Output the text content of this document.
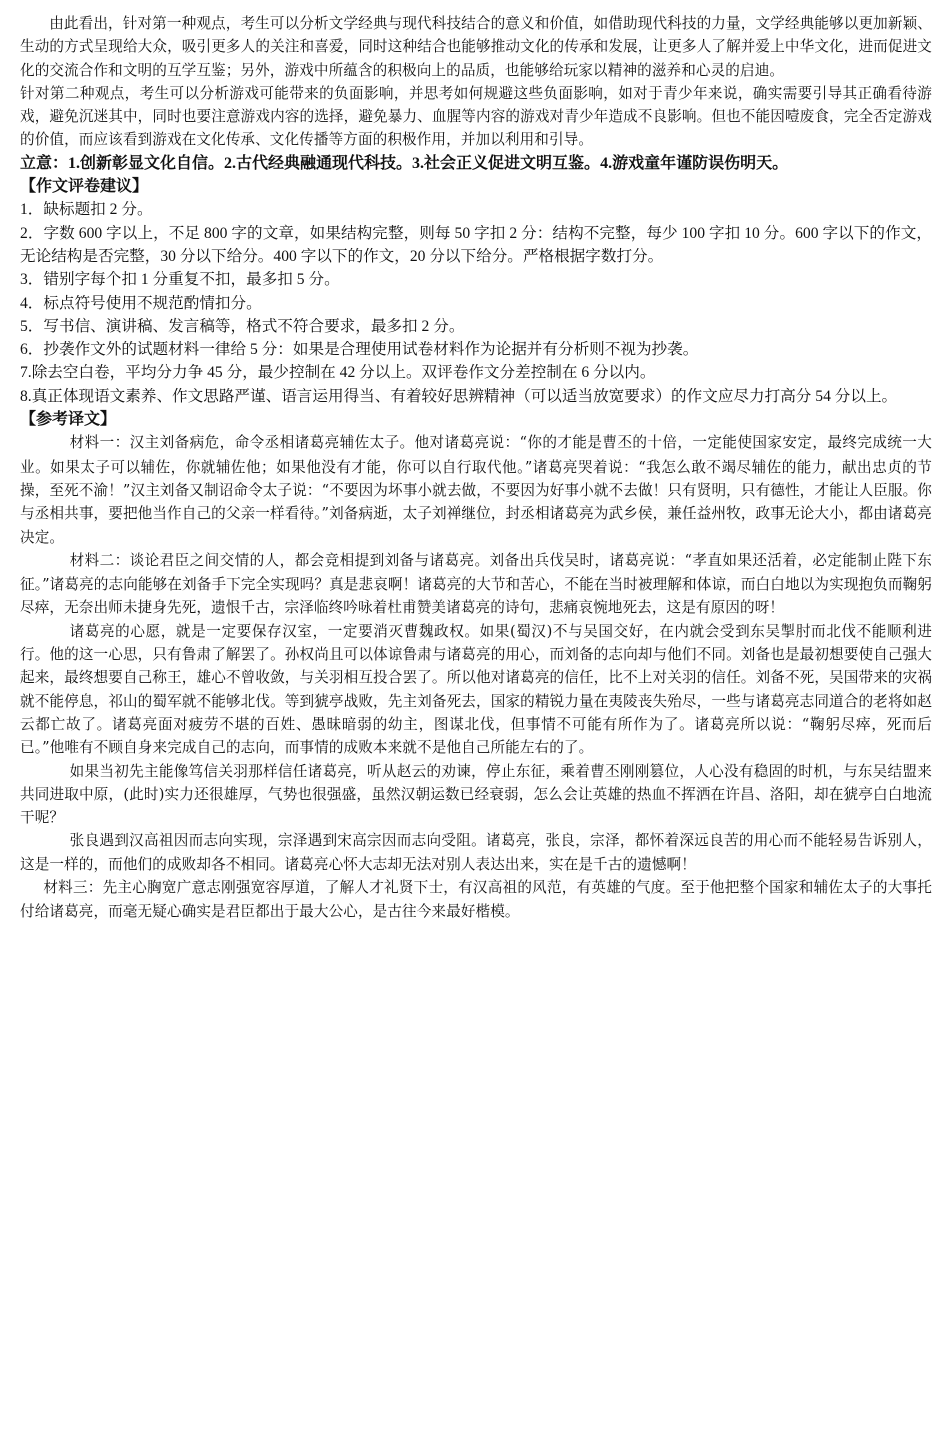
由此看出，针对第一种观点，考生可以分析文学经典与现代科技结合的意义和价值，如借助现代科技的力量，文学经典能够以更加新颖、生动的方式呈现给大众，吸引更多人的关注和喜爱，同时这种结合也能够推动文化的传承和发展，让更多人了解并爱上中华文化，进而促进文化的交流合作和文明的互学互鉴；另外，游戏中所蕴含的积极向上的品质，也能够给玩家以精神的滋养和心灵的启迪。

针对第二种观点，考生可以分析游戏可能带来的负面影响，并思考如何规避这些负面影响，如对于青少年来说，确实需要引导其正确看待游戏，避免沉迷其中，同时也要注意游戏内容的选择，避免暴力、血腥等内容的游戏对青少年造成不良影响。但也不能因噎废食，完全否定游戏的价值，而应该看到游戏在文化传承、文化传播等方面的积极作用，并加以利用和引导。

立意：1.创新彰显文化自信。2.古代经典融通现代科技。3.社会正义促进文明互鉴。4.游戏童年谨防误伤明天。

【作文评卷建议】

1．缺标题扣 2 分。

2．字数 600 字以上，不足 800 字的文章，如果结构完整，则每 50 字扣 2 分：结构不完整，每少 100 字扣 10 分。600 字以下的作文，无论结构是否完整，30 分以下给分。400 字以下的作文，20 分以下给分。严格根据字数打分。

3．错别字每个扣 1 分重复不扣，最多扣 5 分。

4．标点符号使用不规范酌情扣分。

5．写书信、演讲稿、发言稿等，格式不符合要求，最多扣 2 分。

6．抄袭作文外的试题材料一律给 5 分：如果是合理使用试卷材料作为论据并有分析则不视为抄袭。

7.除去空白卷，平均分力争 45 分，最少控制在 42 分以上。双评卷作文分差控制在 6 分以内。

8.真正体现语文素养、作文思路严谨、语言运用得当、有着较好思辨精神（可以适当放宽要求）的作文应尽力打高分 54 分以上。

【参考译文】

材料一：汉主刘备病危，命令丞相诸葛亮辅佐太子。他对诸葛亮说：“你的才能是曹丕的十倍，一定能使国家安定，最终完成统一大业。如果太子可以辅佐，你就辅佐他；如果他没有才能，你可以自行取代他。”诸葛亮哭着说：“我怎么敢不竭尽辅佐的能力，献出忠贞的节操，至死不渝！”汉主刘备又制诏命令太子说：“不要因为坏事小就去做，不要因为好事小就不去做！只有贤明，只有德性，才能让人臣服。你与丞相共事，要把他当作自己的父亲一样看待。”刘备病逝，太子刘禅继位，封丞相诸葛亮为武乡侯，兼任益州牧，政事无论大小，都由诸葛亮决定。

材料二：谈论君臣之间交情的人，都会竞相提到刘备与诸葛亮。刘备出兵伐吴时，诸葛亮说：“孝直如果还活着，必定能制止陛下东征。”诸葛亮的志向能够在刘备手下完全实现吗？真是悲哀啊！诸葛亮的大节和苦心，不能在当时被理解和体谅，而白白地以为实现抱负而鞠躬尽瘁，无奈出师未捷身先死，遗恨千古，宗泽临终吟咏着杜甫赞美诸葛亮的诗句，悲痛哀惋地死去，这是有原因的呀！

诸葛亮的心愿，就是一定要保存汉室，一定要消灭曹魏政权。如果(蜀汉)不与吴国交好，在内就会受到东吴掣肘而北伐不能顺利进行。他的这一心思，只有鲁肃了解罢了。孙权尚且可以体谅鲁肃与诸葛亮的用心，而刘备的志向却与他们不同。刘备也是最初想要使自己强大起来，最终想要自己称王，雄心不曾收敛，与关羽相互投合罢了。所以他对诸葛亮的信任，比不上对关羽的信任。刘备不死，吴国带来的灾祸就不能停息，祁山的蜀军就不能够北伐。等到猇亭战败，先主刘备死去，国家的精锐力量在夷陵丧失殆尽，一些与诸葛亮志同道合的老将如赵云都亡故了。诸葛亮面对疲劳不堪的百姓、愚昧暗弱的幼主，图谋北伐，但事情不可能有所作为了。诸葛亮所以说：“鞠躬尽瘁，死而后已。”他唯有不顾自身来完成自己的志向，而事情的成败本来就不是他自己所能左右的了。

如果当初先主能像笃信关羽那样信任诸葛亮，听从赵云的劝谏，停止东征，乘着曹丕刚刚篡位，人心没有稳固的时机，与东吴结盟来共同进取中原，(此时)实力还很雄厚，气势也很强盛，虽然汉朝运数已经衰弱，怎么会让英雄的热血不挥洒在许昌、洛阳，却在猇亭白白地流干呢？

张良遇到汉高祖因而志向实现，宗泽遇到宋高宗因而志向受阻。诸葛亮，张良，宗泽，都怀着深远良苦的用心而不能轻易告诉别人，这是一样的，而他们的成败却各不相同。诸葛亮心怀大志却无法对别人表达出来，实在是千古的遗憾啊！

材料三：先主心胸宽广意志刚强宽容厚道，了解人才礼贤下士，有汉高祖的风范，有英雄的气度。至于他把整个国家和辅佐太子的大事托付给诸葛亮，而毫无疑心确实是君臣都出于最大公心，是古往今来最好楷模。
